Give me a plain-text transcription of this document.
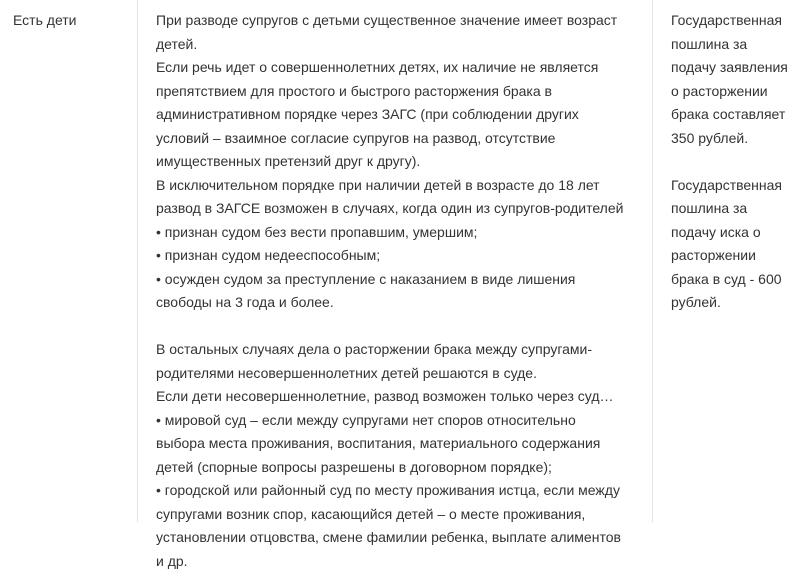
Есть дети	При разводе супругов с детьми существенное значение имеет возраст
детей.
Если речь идет о совершеннолетних детях, их наличие не является
препятствием для простого и быстрого расторжения брака в
административном порядке через ЗАГС (при соблюдении других
условий – взаимное согласие супругов на развод, отсутствие
имущественных претензий друг к другу).
В исключительном порядке при наличии детей в возрасте до 18 лет
развод в ЗАГСЕ возможен в случаях, когда один из супругов-родителей
• признан судом без вести пропавшим, умершим;
• признан судом недееспособным;
• осужден судом за преступление с наказанием в виде лишения
свободы на 3 года и более.
В остальных случаях дела о расторжении брака между супругами-
родителями несовершеннолетних детей решаются в суде.
Если дети несовершеннолетние, развод возможен только через суд…
• мировой суд – если между супругами нет споров относительно
выбора места проживания, воспитания, материального содержания
детей (спорные вопросы разрешены в договорном порядке);
• городской или районный суд по месту проживания истца, если между
супругами возник спор, касающийся детей – о месте проживания,
установлении отцовства, смене фамилии ребенка, выплате алиментов
и др.
Государственная
пошлина за
подачу заявления
о расторжении
брака составляет
350 рублей.
Государственная
пошлина за
подачу иска о
расторжении
брака в суд - 600
рублей.
